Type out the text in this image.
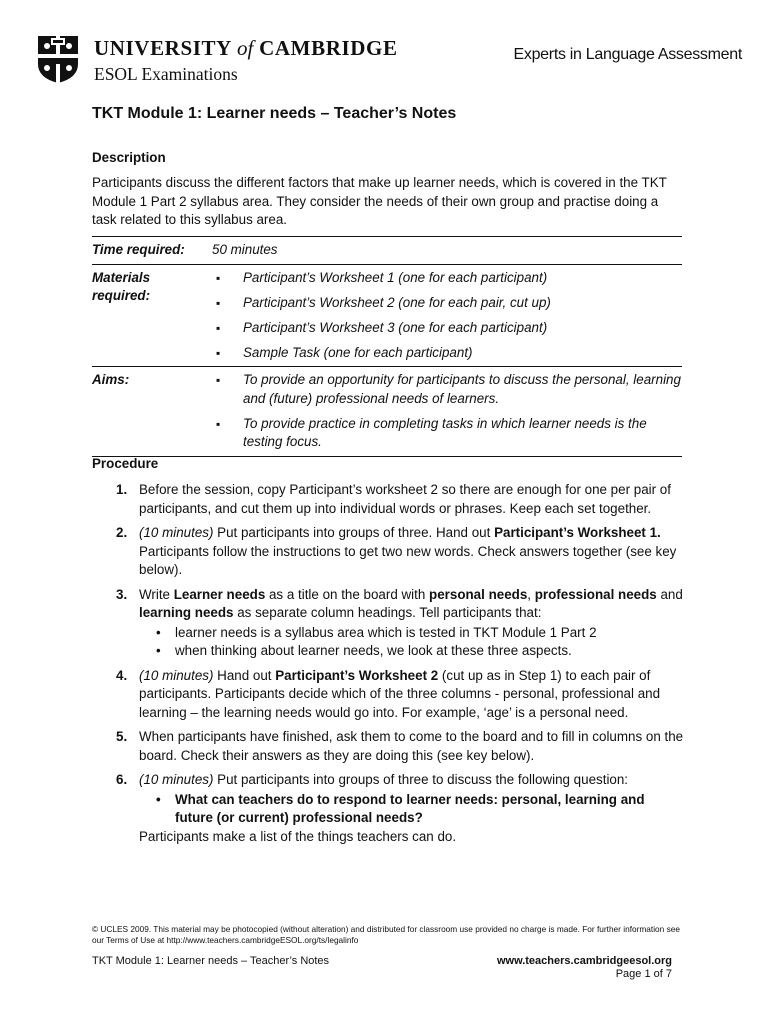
UNIVERSITY of CAMBRIDGE
ESOL Examinations
Experts in Language Assessment
TKT Module 1: Learner needs – Teacher’s Notes
Description
Participants discuss the different factors that make up learner needs, which is covered in the TKT Module 1 Part 2 syllabus area. They consider the needs of their own group and practise doing a task related to this syllabus area.
Time required:	50 minutes
Materials
required:
▪ Participant’s Worksheet 1 (one for each participant)
▪ Participant’s Worksheet 2 (one for each pair, cut up)
▪ Participant’s Worksheet 3 (one for each participant)
▪ Sample Task (one for each participant)
Aims:
▪	To provide an opportunity for participants to discuss the personal, learning and (future) professional needs of learners.
▪ To provide practice in completing tasks in which learner needs is the testing focus.
Procedure
1. Before the session, copy Participant’s worksheet 2 so there are enough for one per pair of participants, and cut them up into individual words or phrases. Keep each set together.
2. (10 minutes) Put participants into groups of three. Hand out Participant’s Worksheet 1. Participants follow the instructions to get two new words. Check answers together (see key below).
3. Write Learner needs as a title on the board with personal needs, professional needs and learning needs as separate column headings. Tell participants that:
• learner needs is a syllabus area which is tested in TKT Module 1 Part 2
• when thinking about learner needs, we look at these three aspects.
4. (10 minutes) Hand out Participant’s Worksheet 2 (cut up as in Step 1) to each pair of participants. Participants decide which of the three columns - personal, professional and learning – the learning needs would go into. For example, ‘age’ is a personal need.
5. When participants have finished, ask them to come to the board and to fill in columns on the board. Check their answers as they are doing this (see key below).
6. (10 minutes) Put participants into groups of three to discuss the following question:
• What can teachers do to respond to learner needs: personal, learning and future (or current) professional needs?
Participants make a list of the things teachers can do.
© UCLES 2009. This material may be photocopied (without alteration) and distributed for classroom use provided no charge is made. For further information see our Terms of Use at http://www.teachers.cambridgeESOL.org/ts/legalinfo
TKT Module 1: Learner needs – Teacher’s Notes	www.teachers.cambridgeesol.org
Page 1 of 7
